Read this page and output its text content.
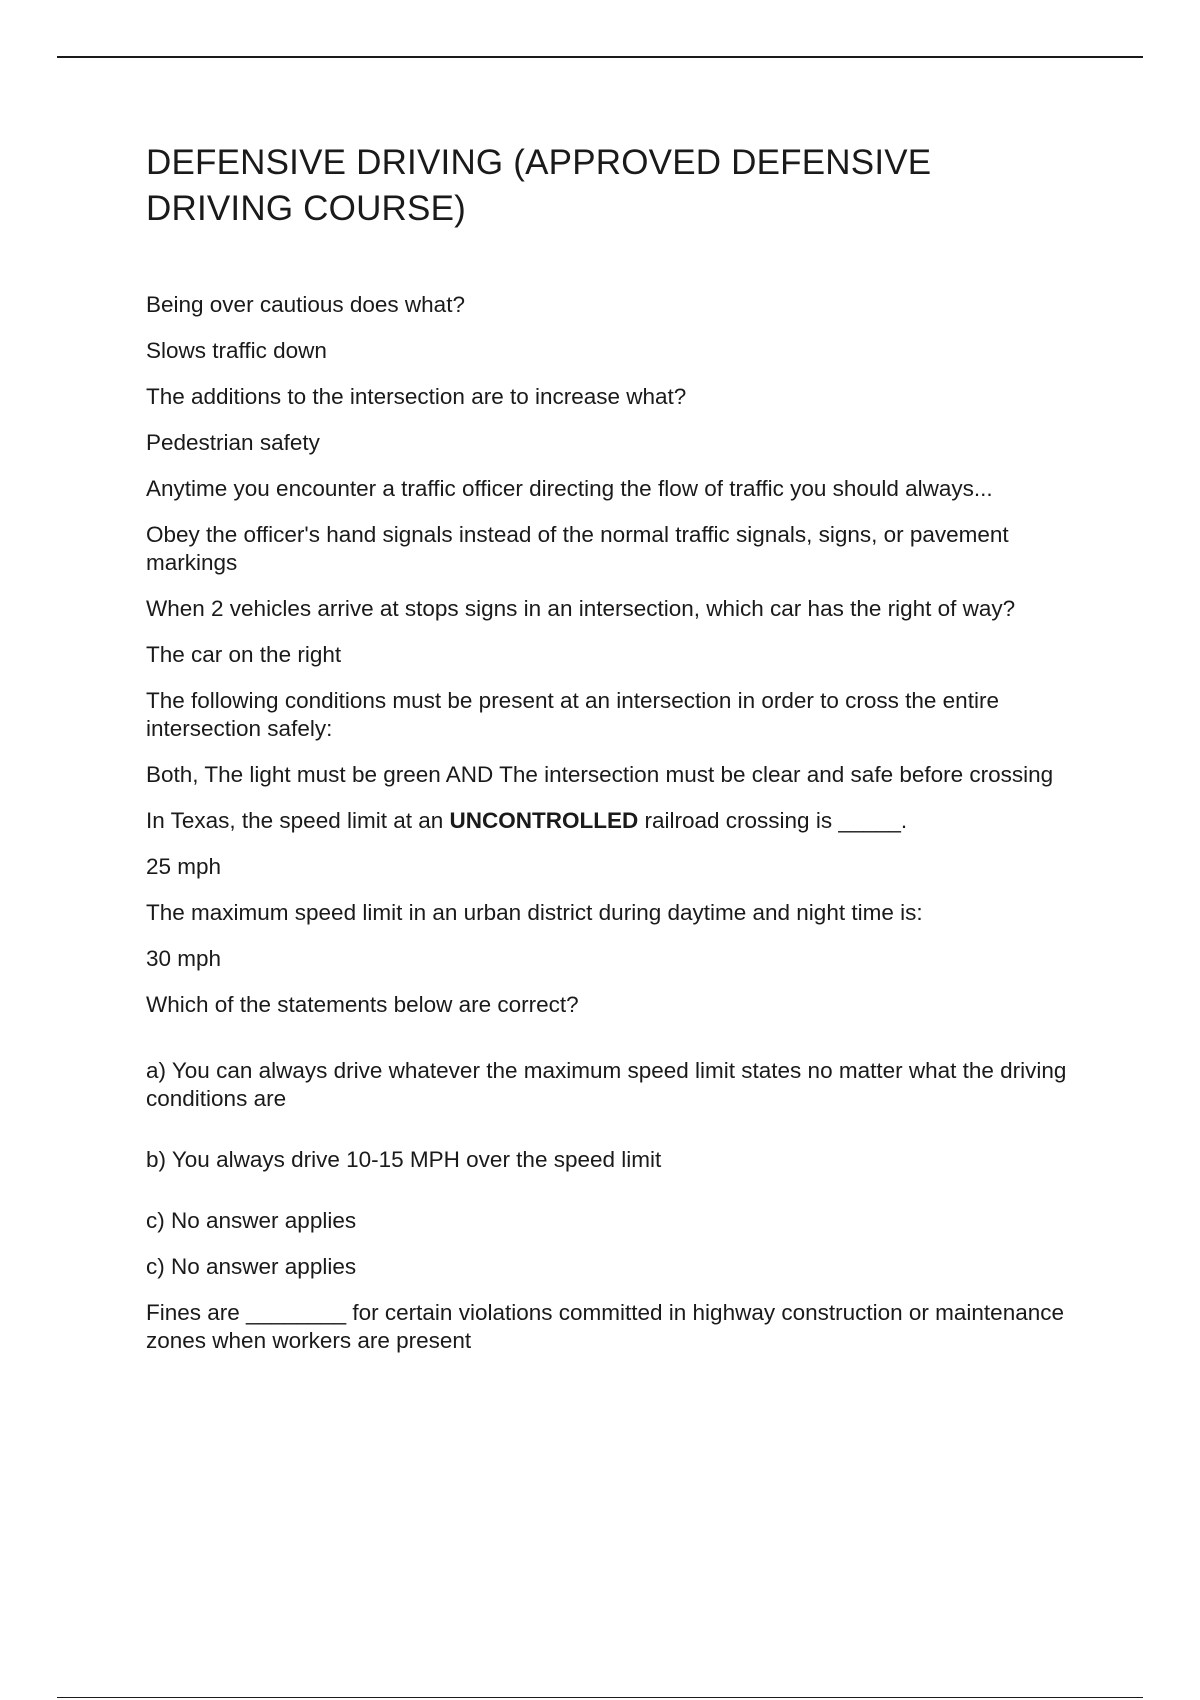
DEFENSIVE DRIVING (APPROVED DEFENSIVE DRIVING COURSE)

Being over cautious does what?

Slows traffic down

The additions to the intersection are to increase what?

Pedestrian safety

Anytime you encounter a traffic officer directing the flow of traffic you should always...

Obey the officer's hand signals instead of the normal traffic signals, signs, or pavement markings

When 2 vehicles arrive at stops signs in an intersection, which car has the right of way?

The car on the right

The following conditions must be present at an intersection in order to cross the entire intersection safely:

Both, The light must be green AND The intersection must be clear and safe before crossing

In Texas, the speed limit at an UNCONTROLLED railroad crossing is _____.

25 mph

The maximum speed limit in an urban district during daytime and night time is:

30 mph

Which of the statements below are correct?

a) You can always drive whatever the maximum speed limit states no matter what the driving conditions are

b) You always drive 10-15 MPH over the speed limit

c) No answer applies

c) No answer applies

Fines are ________ for certain violations committed in highway construction or maintenance zones when workers are present
